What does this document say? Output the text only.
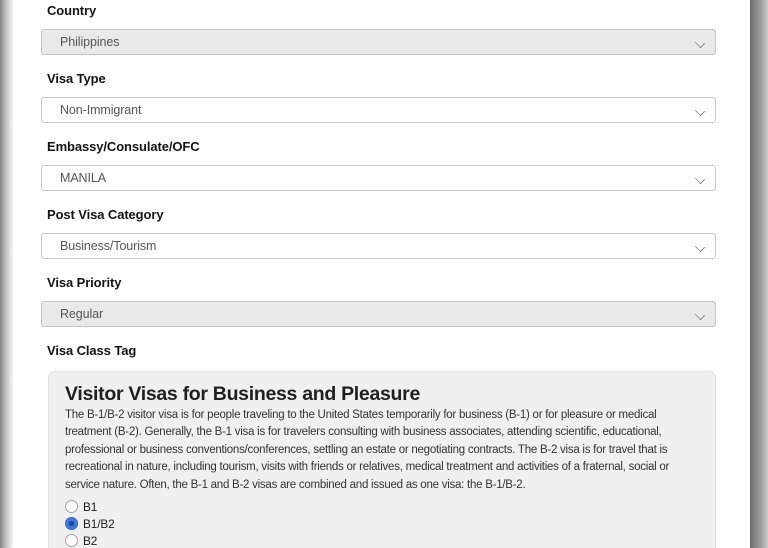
Country
Philippines
Visa Type
Non-Immigrant
Embassy/Consulate/OFC
MANILA
Post Visa Category
Business/Tourism
Visa Priority
Regular
Visa Class Tag
Visitor Visas for Business and Pleasure

The B-1/B-2 visitor visa is for people traveling to the United States temporarily for business (B-1) or for pleasure or medical treatment (B-2). Generally, the B-1 visa is for travelers consulting with business associates, attending scientific, educational, professional or business conventions/conferences, settling an estate or negotiating contracts. The B-2 visa is for travel that is recreational in nature, including tourism, visits with friends or relatives, medical treatment and activities of a fraternal, social or service nature. Often, the B-1 and B-2 visas are combined and issued as one visa: the B-1/B-2.

B1
B1/B2
B2
